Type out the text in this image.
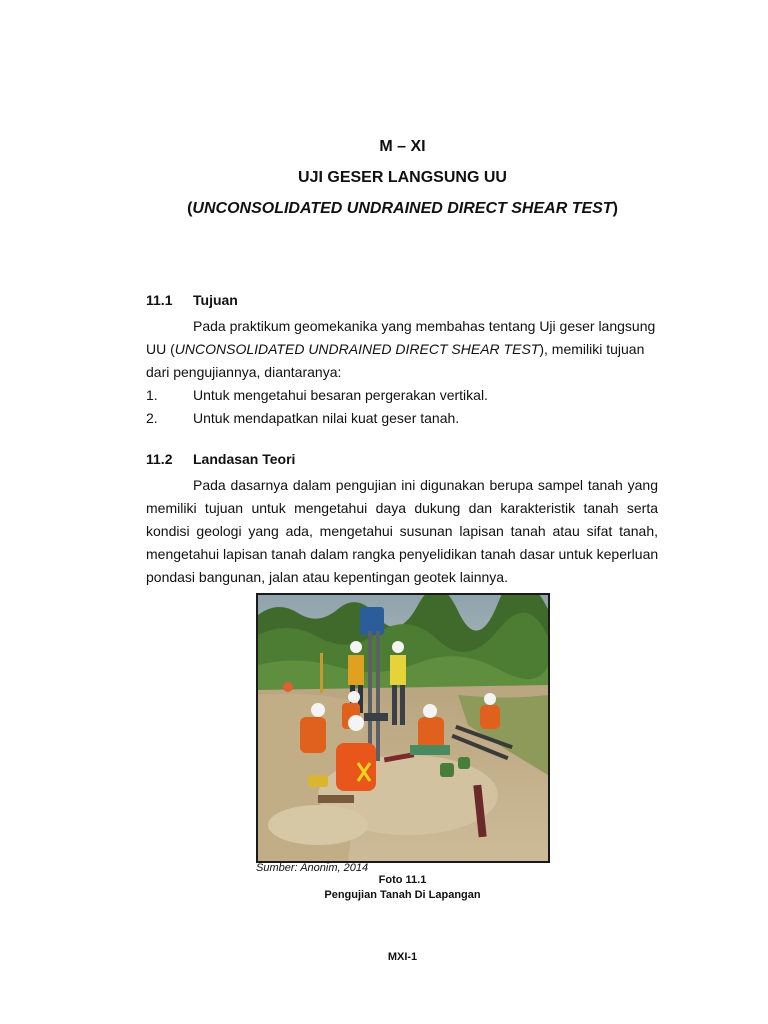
M – XI
UJI GESER LANGSUNG UU
(UNCONSOLIDATED UNDRAINED DIRECT SHEAR TEST)
11.1 Tujuan
Pada praktikum geomekanika yang membahas tentang Uji geser langsung
UU (UNCONSOLIDATED UNDRAINED DIRECT SHEAR TEST), memiliki tujuan
dari pengujiannya, diantaranya:
1.	Untuk mengetahui besaran pergerakan vertikal.
2.	Untuk mendapatkan nilai kuat geser tanah.
11.2 Landasan Teori
Pada dasarnya dalam pengujian ini digunakan berupa sampel tanah yang
memiliki tujuan untuk mengetahui daya dukung dan karakteristik tanah serta
kondisi geologi yang ada, mengetahui susunan lapisan tanah atau sifat tanah,
mengetahui lapisan tanah dalam rangka penyelidikan tanah dasar untuk keperluan
pondasi bangunan, jalan atau kepentingan geotek lainnya.
Sumber: Anonim, 2014
Foto 11.1
Pengujian Tanah Di Lapangan
MXI-1
